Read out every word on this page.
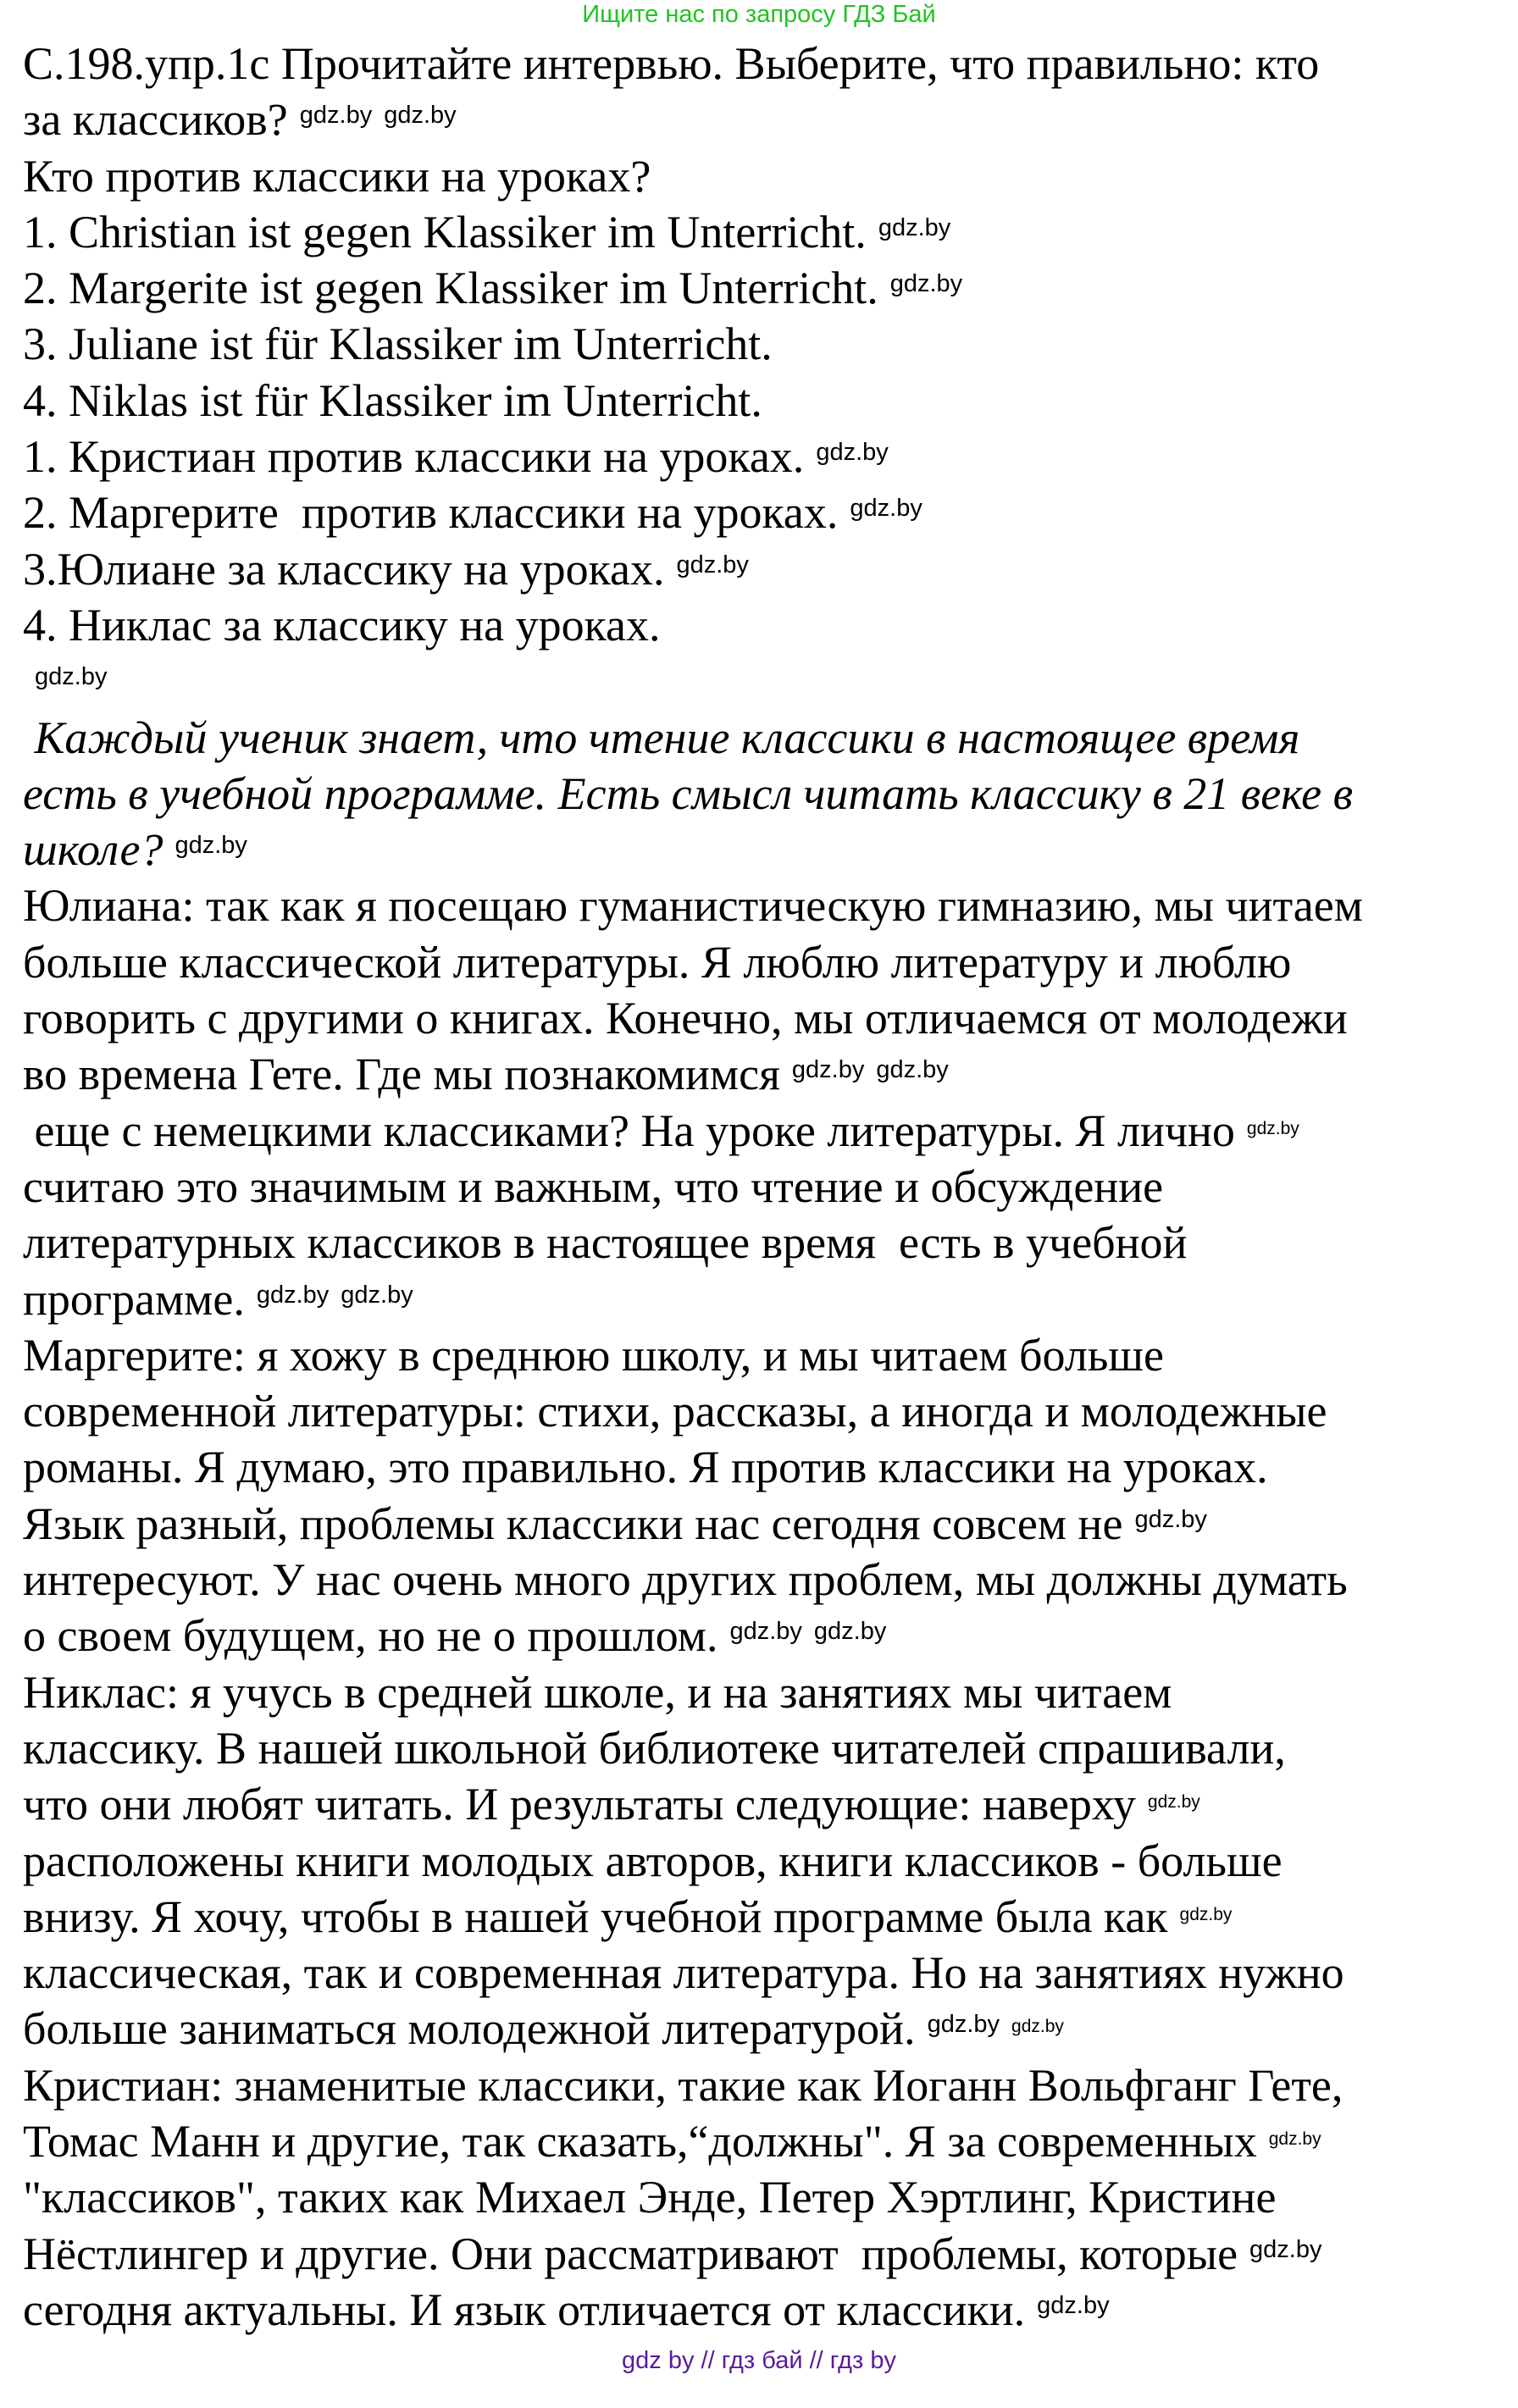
Ищите нас по запросу ГДЗ Бай
С.198.упр.1с Прочитайте интервью. Выберите, что правильно: кто
за классиков? gdz.by gdz.by
Кто против классики на уроках?
1. Christian ist gegen Klassiker im Unterricht. gdz.by
2. Margerite ist gegen Klassiker im Unterricht. gdz.by
3. Juliane ist für Klassiker im Unterricht.
4. Niklas ist für Klassiker im Unterricht.
1. Кристиан против классики на уроках. gdz.by
2. Маргерите  против классики на уроках. gdz.by
3.Юлиане за классику на уроках. gdz.by
4. Никлас за классику на уроках.
gdz.by
Каждый ученик знает, что чтение классики в настоящее время
есть в учебной программе. Есть смысл читать классику в 21 веке в
школе? gdz.by
Юлиана: так как я посещаю гуманистическую гимназию, мы читаем
больше классической литературы. Я люблю литературу и люблю
говорить с другими о книгах. Конечно, мы отличаемся от молодежи
во времена Гете. Где мы познакомимся gdz.by gdz.by
еще с немецкими классиками? На уроке литературы. Я лично gdz.by
считаю это значимым и важным, что чтение и обсуждение
литературных классиков в настоящее время  есть в учебной
программе. gdz.by gdz.by
Маргерите: я хожу в среднюю школу, и мы читаем больше
современной литературы: стихи, рассказы, а иногда и молодежные
романы. Я думаю, это правильно. Я против классики на уроках.
Язык разный, проблемы классики нас сегодня совсем не gdz.by
интересуют. У нас очень много других проблем, мы должны думать
о своем будущем, но не о прошлом. gdz.by gdz.by
Никлас: я учусь в средней школе, и на занятиях мы читаем
классику. В нашей школьной библиотеке читателей спрашивали,
что они любят читать. И результаты следующие: наверху gdz.by
расположены книги молодых авторов, книги классиков - больше
внизу. Я хочу, чтобы в нашей учебной программе была как gdz.by
классическая, так и современная литература. Но на занятиях нужно
больше заниматься молодежной литературой. gdz.by gdz.by
Кристиан: знаменитые классики, такие как Иоганн Вольфганг Гете,
Томас Манн и другие, так сказать,“должны". Я за современных gdz.by
"классиков", таких как Михаел Энде, Петер Хэртлинг, Кристине
Нёстлингер и другие. Они рассматривают  проблемы, которые gdz.by
сегодня актуальны. И язык отличается от классики. gdz.by
gdz by // гдз бай // гдз by
